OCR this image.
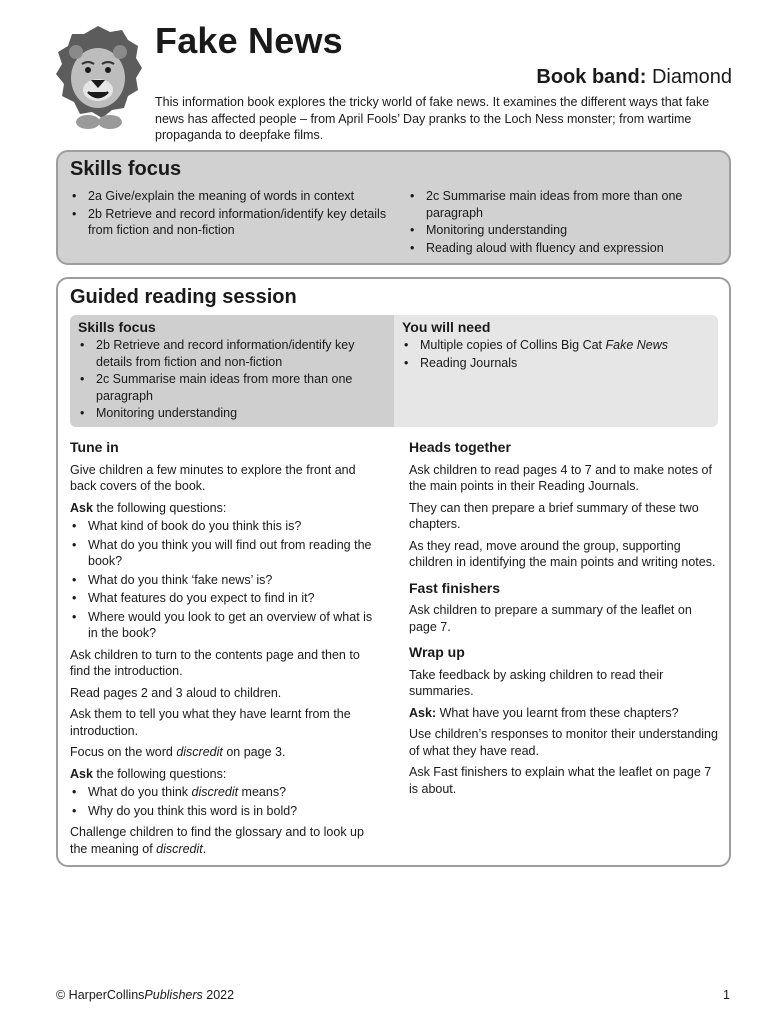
Fake News
Book band: Diamond
This information book explores the tricky world of fake news. It examines the different ways that fake news has affected people – from April Fools’ Day pranks to the Loch Ness monster; from wartime propaganda to deepfake films.
Skills focus
• 2a Give/explain the meaning of words in context
• 2b Retrieve and record information/identify key details from fiction and non-fiction
• 2c Summarise main ideas from more than one paragraph
• Monitoring understanding
• Reading aloud with fluency and expression
Guided reading session
Skills focus
• 2b Retrieve and record information/identify key details from fiction and non-fiction
• 2c Summarise main ideas from more than one paragraph
• Monitoring understanding
You will need
• Multiple copies of Collins Big Cat Fake News
• Reading Journals
Tune in

Give children a few minutes to explore the front and back covers of the book.

Ask the following questions:

• What kind of book do you think this is?
• What do you think you will find out from reading the book?
• What do you think ‘fake news’ is?
• What features do you expect to find in it?
• Where would you look to get an overview of what is in the book?

Ask children to turn to the contents page and then to find the introduction.

Read pages 2 and 3 aloud to children.

Ask them to tell you what they have learnt from the introduction.

Focus on the word discredit on page 3.

Ask the following questions:

• What do you think discredit means?
• Why do you think this word is in bold?

Challenge children to find the glossary and to look up the meaning of discredit.

Heads together

Ask children to read pages 4 to 7 and to make notes of the main points in their Reading Journals.

They can then prepare a brief summary of these two chapters.

As they read, move around the group, supporting children in identifying the main points and writing notes.

Fast finishers

Ask children to prepare a summary of the leaflet on page 7.

Wrap up

Take feedback by asking children to read their summaries.

Ask: What have you learnt from these chapters?

Use children’s responses to monitor their understanding of what they have read.

Ask Fast finishers to explain what the leaflet on page 7 is about.

© HarperCollinsPublishers 2022	1
